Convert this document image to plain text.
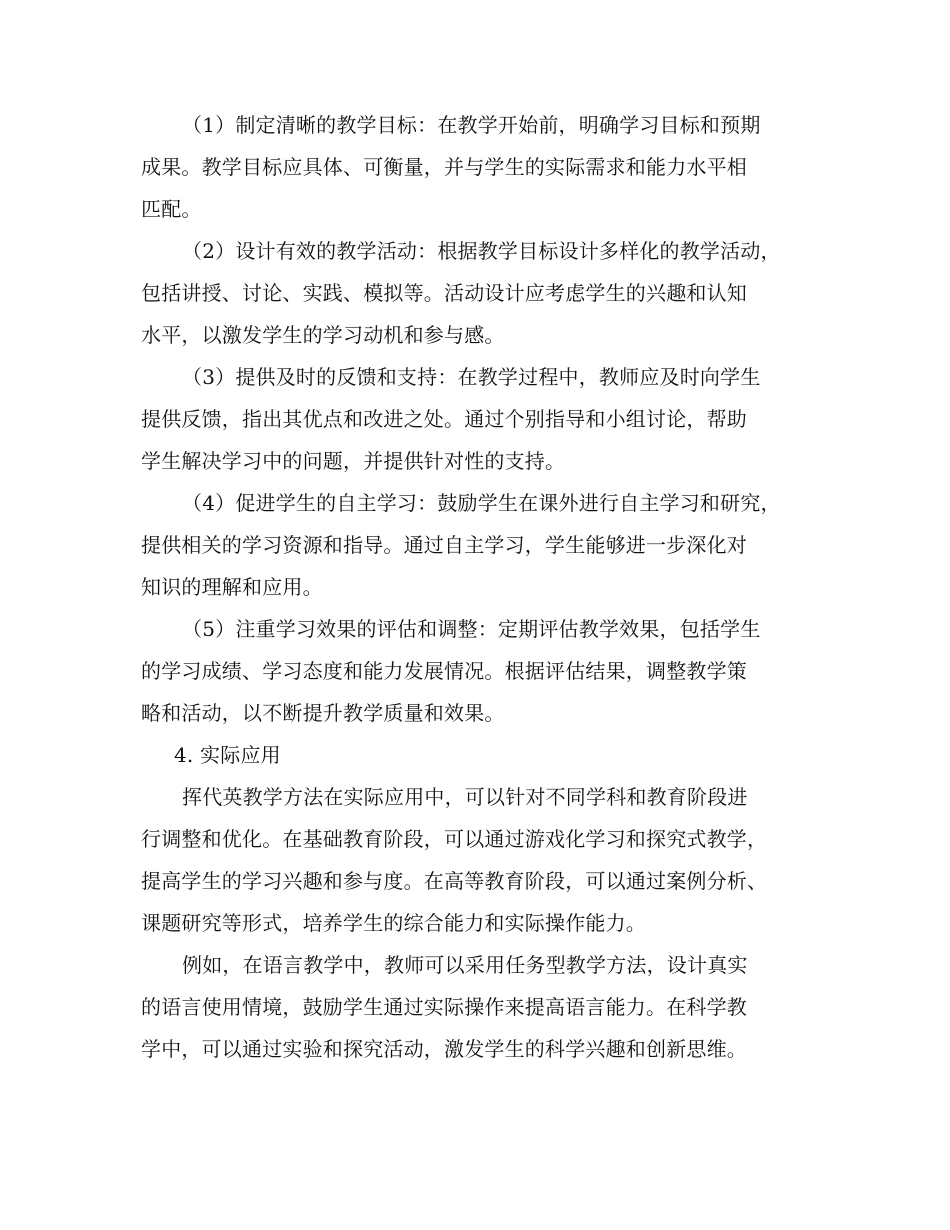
（1）制定清晰的教学目标：在教学开始前，明确学习目标和预期
成果。教学目标应具体、可衡量，并与学生的实际需求和能力水平相
匹配。
（2）设计有效的教学活动：根据教学目标设计多样化的教学活动，
包括讲授、讨论、实践、模拟等。活动设计应考虑学生的兴趣和认知
水平，以激发学生的学习动机和参与感。
（3）提供及时的反馈和支持：在教学过程中，教师应及时向学生
提供反馈，指出其优点和改进之处。通过个别指导和小组讨论，帮助
学生解决学习中的问题，并提供针对性的支持。
（4）促进学生的自主学习：鼓励学生在课外进行自主学习和研究，
提供相关的学习资源和指导。通过自主学习，学生能够进一步深化对
知识的理解和应用。
（5）注重学习效果的评估和调整：定期评估教学效果，包括学生
的学习成绩、学习态度和能力发展情况。根据评估结果，调整教学策
略和活动，以不断提升教学质量和效果。
4. 实际应用
挥代英教学方法在实际应用中，可以针对不同学科和教育阶段进
行调整和优化。在基础教育阶段，可以通过游戏化学习和探究式教学，
提高学生的学习兴趣和参与度。在高等教育阶段，可以通过案例分析、
课题研究等形式，培养学生的综合能力和实际操作能力。
例如，在语言教学中，教师可以采用任务型教学方法，设计真实
的语言使用情境，鼓励学生通过实际操作来提高语言能力。在科学教
学中，可以通过实验和探究活动，激发学生的科学兴趣和创新思维。
